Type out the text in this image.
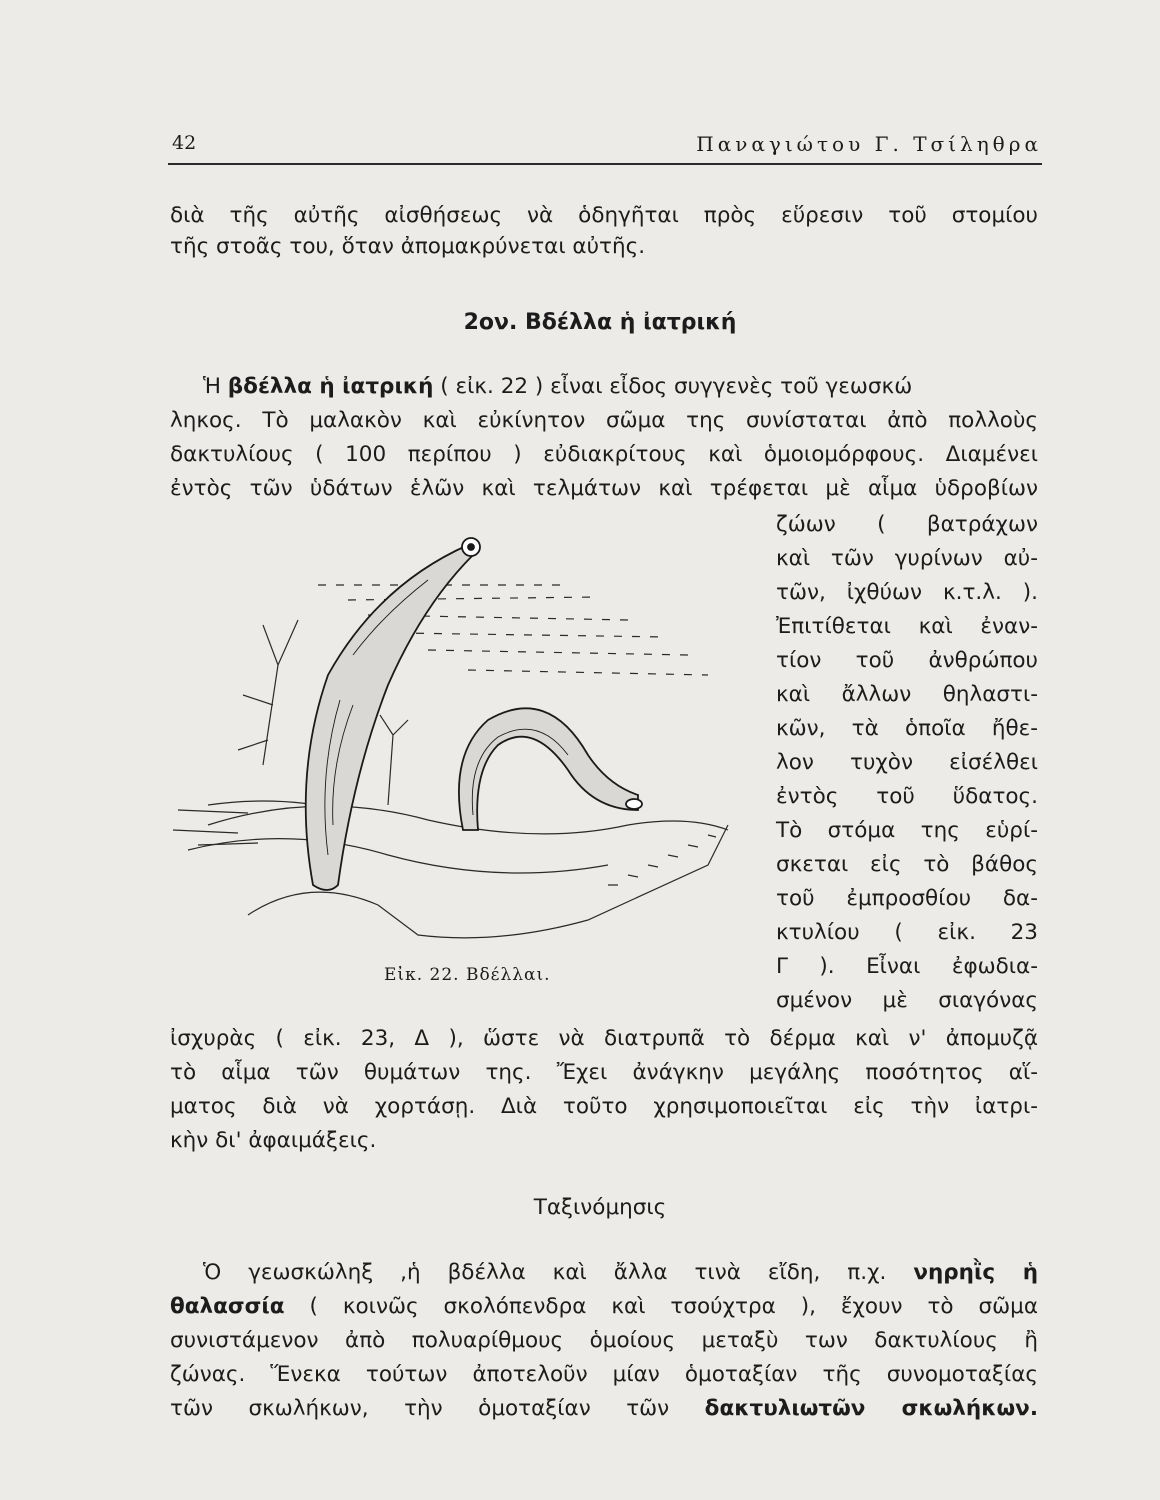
42	Παναγιώτου Γ. Τσίληθρα
διὰ τῆς αὐτῆς αἰσθήσεως νὰ ὁδηγῆται πρὸς εὕρεσιν τοῦ στομίου
τῆς στοᾶς του, ὅταν ἀπομακρύνεται αὐτῆς.
2ον. Βδέλλα ἡ ἰατρική
Ἡ βδέλλα ἡ ἰατρική ( εἰκ. 22 ) εἶναι εἶδος συγγενὲς τοῦ γεωσκώ
ληκος. Τὸ μαλακὸν καὶ εὐκίνητον σῶμα της συνίσταται ἀπὸ πολλοὺς
δακτυλίους ( 100 περίπου ) εὐδιακρίτους καὶ ὁμοιομόρφους. Διαμένει
ἐντὸς τῶν ὑδάτων ἑλῶν καὶ τελμάτων καὶ τρέφεται μὲ αἷμα ὑδροβίων
ζώων ( βατράχων
καὶ τῶν γυρίνων αὐ-
τῶν, ἰχθύων κ.τ.λ. ).
Ἐπιτίθεται καὶ ἐναν-
τίον τοῦ ἀνθρώπου
καὶ ἄλλων θηλαστι-
κῶν, τὰ ὁποῖα ἤθε-
λον τυχὸν εἰσέλθει
ἐντὸς τοῦ ὕδατος.
Τὸ στόμα της εὑρί-
σκεται εἰς τὸ βάθος
τοῦ ἐμπροσθίου δα-
κτυλίου ( εἰκ. 23
Γ ). Εἶναι ἐφωδια-
σμένον μὲ σιαγόνας
Εἰκ. 22. Βδέλλαι.
ἰσχυρὰς ( εἰκ. 23, Δ ), ὥστε νὰ διατρυπᾶ τὸ δέρμα καὶ ν' ἀπομυζᾷ
τὸ αἷμα τῶν θυμάτων της. Ἔχει ἀνάγκην μεγάλης ποσότητος αἵ-
ματος διὰ νὰ χορτάσῃ. Διὰ τοῦτο χρησιμοποιεῖται εἰς τὴν ἰατρι-
κὴν δι' ἀφαιμάξεις.
Ταξινόμησις
Ὁ γεωσκώληξ ,ἡ βδέλλα καὶ ἄλλα τινὰ εἴδη, π.χ. νηρηῒς ἡ
θαλασσία ( κοινῶς σκολόπενδρα καὶ τσούχτρα ), ἔχουν τὸ σῶμα
συνιστάμενον ἀπὸ πολυαρίθμους ὁμοίους μεταξὺ των δακτυλίους ἢ
ζώνας. Ἕνεκα τούτων ἀποτελοῦν μίαν ὁμοταξίαν τῆς συνομοταξίας
τῶν σκωλήκων, τὴν ὁμοταξίαν τῶν δακτυλιωτῶν σκωλήκων.
